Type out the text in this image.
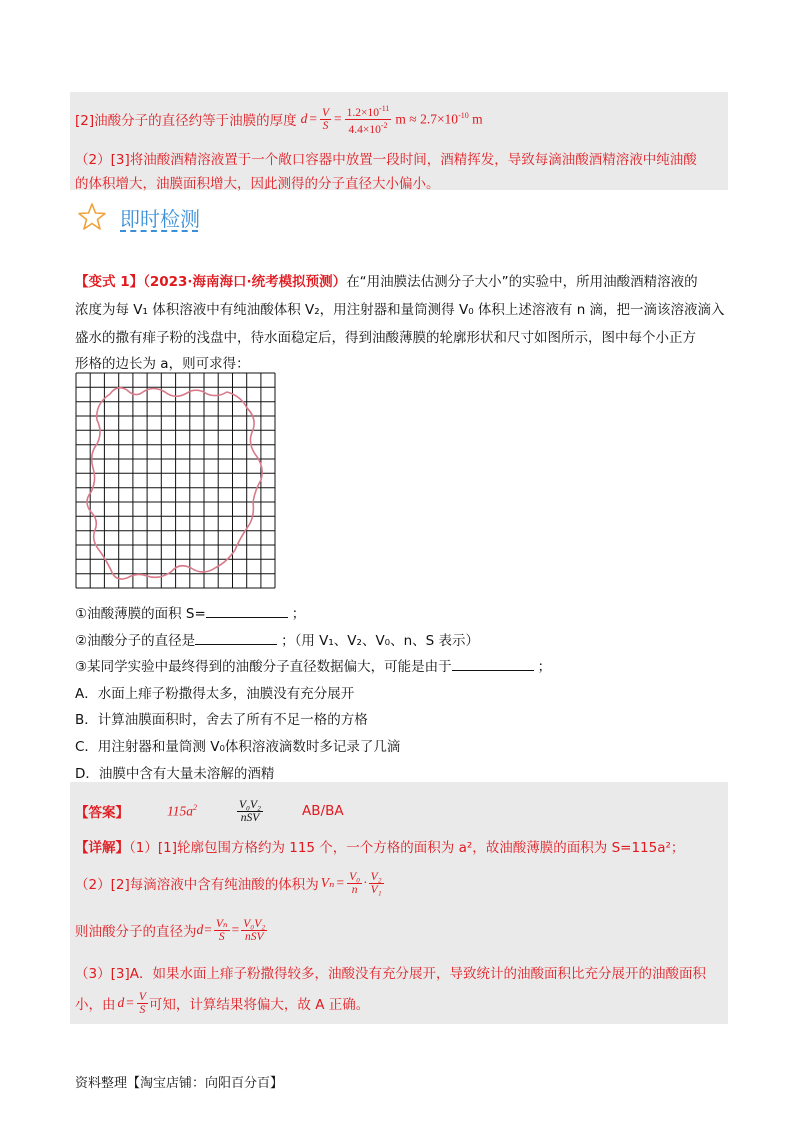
[2]油酸分子的直径约等于油膜的厚度 $d = \frac{V}{S} = \frac{1.2\times 10^{-11}}{4.4\times 10^{-2}}$ $m \approx 2.7\times 10^{-10}$ m
（2）[3]将油酸酒精溶液置于一个敞口容器中放置一段时间，酒精挥发，导致每滴油酸酒精溶液中纯油酸
的体积增大，油膜面积增大，因此测得的分子直径大小偏小。
即时检测
【变式 1】（2023·海南海口·统考模拟预测）在“用油膜法估测分子大小”的实验中，所用油酸酒精溶液的
浓度为每 V₁ 体积溶液中有纯油酸体积 V₂，用注射器和量筒测得 V₀ 体积上述溶液有 n 滴，把一滴该溶液滴入
盛水的撒有痱子粉的浅盘中，待水面稳定后，得到油酸薄膜的轮廓形状和尺寸如图所示，图中每个小正方
形格的边长为 a，则可求得：
①油酸薄膜的面积 S=	；
②油酸分子的直径是	；（用 V₁、V₂、V₀、n、S 表示）
③某同学实验中最终得到的油酸分子直径数据偏大，可能是由于	；
A．水面上痱子粉撒得太多，油膜没有充分展开
B．计算油膜面积时，舍去了所有不足一格的方格
C．用注射器和量筒测 V₀体积溶液滴数时多记录了几滴
D．油膜中含有大量未溶解的酒精
【答案】	$115a^2$	$\frac{\text{V₀V₂}}{\text{nSV}}$	AB/BA
【详解】（1）[1]轮廓包围方格约为 115 个，一个方格的面积为 a²，故油酸薄膜的面积为 S=115a²；
（2）[2]每滴溶液中含有纯油酸的体积为 $V_n = \frac{\text{V₀}}{n} \cdot \frac{\text{V₂}}{\text{V₁}}$
则油酸分子的直径为 $d = \frac{\text{Vₙ}}{S} = \frac{\text{V₀V₂}}{\text{nSV}}$
（3）[3]A．如果水面上痱子粉撒得较多，油酸没有充分展开，导致统计的油酸面积比充分展开的油酸面积
小，由 $d = \frac{V}{S}$ 可知，计算结果将偏大，故 A 正确。
资料整理【淘宝店铺：向阳百分百】
